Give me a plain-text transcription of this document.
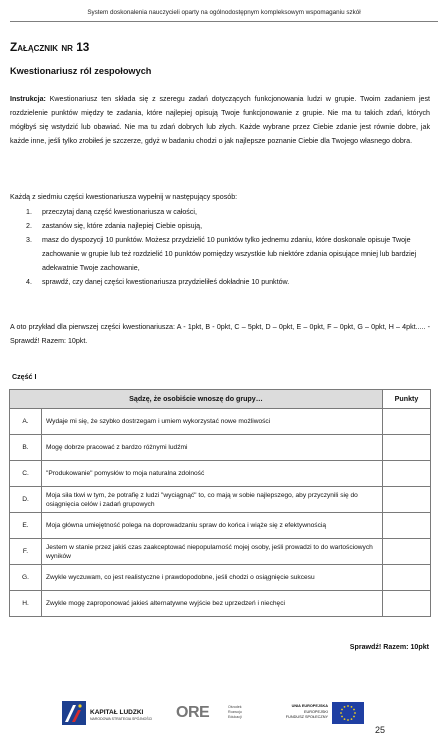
System doskonalenia nauczycieli oparty na ogólnodostępnym kompleksowym wspomaganiu szkół
Załącznik nr 13
Kwestionariusz ról zespołowych
Instrukcja: Kwestionariusz ten składa się z szeregu zadań dotyczących funkcjonowania ludzi w grupie. Twoim zadaniem jest rozdzielenie punktów między te zadania, które najlepiej opisują Twoje funkcjonowanie z grupie. Nie ma tu takich zdań, których mógłbyś się wstydzić lub obawiać. Nie ma tu zdań dobrych lub złych. Każde wybrane przez Ciebie zdanie jest równie dobre, jak każde inne, jeśli tylko zrobiłeś je szczerze, gdyż w badaniu chodzi o jak najlepsze poznanie Ciebie dla Twojego własnego dobra.
Każdą z siedmiu części kwestionariusza wypełnij w następujący sposób:
1.	przeczytaj daną część kwestionariusza w całości,
2.	zastanów się, które zdania najlepiej Ciebie opisują,
3.	masz do dyspozycji 10 punktów. Możesz przydzielić 10 punktów tylko jednemu zdaniu, które doskonale opisuje Twoje zachowanie w grupie lub też rozdzielić 10 punktów pomiędzy wszystkie lub niektóre zdania opisujące mniej lub bardziej adekwatnie Twoje zachowanie,
4.	sprawdź, czy danej części kwestionariusza przydzieliłeś dokładnie 10 punktów.
A oto przykład dla pierwszej części kwestionariusza: A - 1pkt, B - 0pkt, C – 5pkt, D – 0pkt, E – 0pkt, F – 0pkt, G – 0pkt, H – 4pkt..... - Sprawdź! Razem: 10pkt.
Część I
Sądzę, że osobiście wnoszę do grupy…		Punkty
A.	Wydaje mi się, że szybko dostrzegam i umiem wykorzystać nowe możliwości	
B.	Mogę dobrze pracować z bardzo różnymi ludźmi	
C.	"Produkowanie" pomysłów to moja naturalna zdolność	
D.	Moja siła tkwi w tym, że potrafię z ludzi "wyciągnąć" to, co mają w sobie najlepszego, aby przyczynili się do osiągnięcia celów i zadań grupowych	
E.	Moja główna umiejętność polega na doprowadzaniu spraw do końca i wiąże się z efektywnością	
F.	Jestem w stanie przez jakiś czas zaakceptować niepopularność mojej osoby, jeśli prowadzi to do wartościowych wyników	
G.	Zwykle wyczuwam, co jest realistyczne i prawdopodobne, jeśli chodzi o osiągnięcie sukcesu	
H.	Zwykle mogę zaproponować jakieś alternatywne wyjście bez uprzedzeń i niechęci	
Sprawdź! Razem: 10pkt
KAPITAŁ LUDZKI
NARODOWA STRATEGIA SPÓJNOŚCI ORE	Ośrodek
Rozwoju
Edukacji
UNIA EUROPEJSKA
EUROPEJSKI
FUNDUSZ SPOŁECZNY
25
